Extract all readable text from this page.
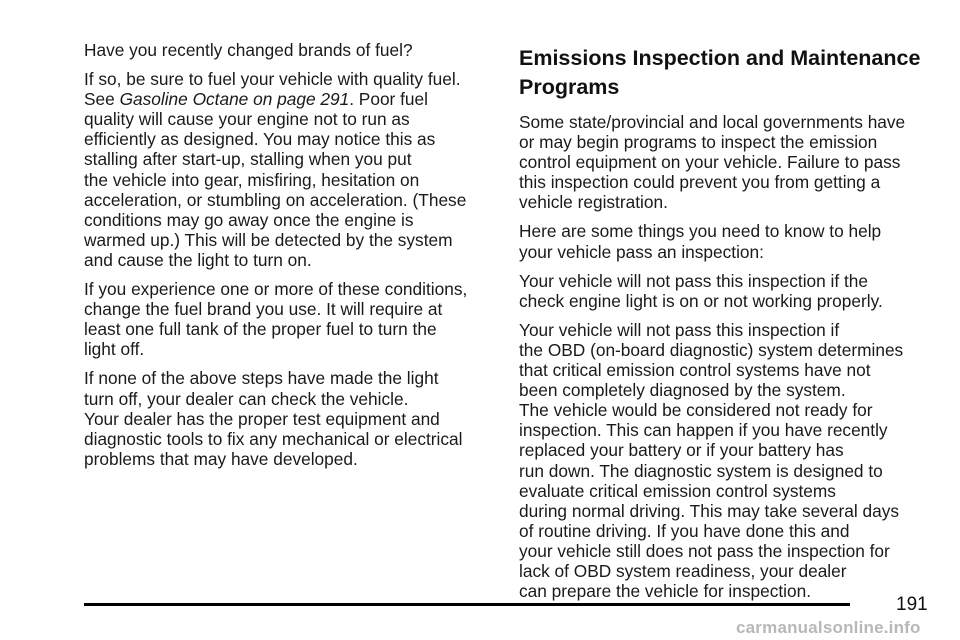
Have you recently changed brands of fuel?

If so, be sure to fuel your vehicle with quality fuel.
See Gasoline Octane on page 291. Poor fuel
quality will cause your engine not to run as
efficiently as designed. You may notice this as
stalling after start-up, stalling when you put
the vehicle into gear, misfiring, hesitation on
acceleration, or stumbling on acceleration. (These
conditions may go away once the engine is
warmed up.) This will be detected by the system
and cause the light to turn on.

If you experience one or more of these conditions,
change the fuel brand you use. It will require at
least one full tank of the proper fuel to turn the
light off.

If none of the above steps have made the light
turn off, your dealer can check the vehicle.
Your dealer has the proper test equipment and
diagnostic tools to fix any mechanical or electrical
problems that may have developed.

Emissions Inspection and Maintenance
Programs

Some state/provincial and local governments have
or may begin programs to inspect the emission
control equipment on your vehicle. Failure to pass
this inspection could prevent you from getting a
vehicle registration.

Here are some things you need to know to help
your vehicle pass an inspection:

Your vehicle will not pass this inspection if the
check engine light is on or not working properly.

Your vehicle will not pass this inspection if
the OBD (on-board diagnostic) system determines
that critical emission control systems have not
been completely diagnosed by the system.
The vehicle would be considered not ready for
inspection. This can happen if you have recently
replaced your battery or if your battery has
run down. The diagnostic system is designed to
evaluate critical emission control systems
during normal driving. This may take several days
of routine driving. If you have done this and
your vehicle still does not pass the inspection for
lack of OBD system readiness, your dealer
can prepare the vehicle for inspection.

191
carmanualsonline.info
